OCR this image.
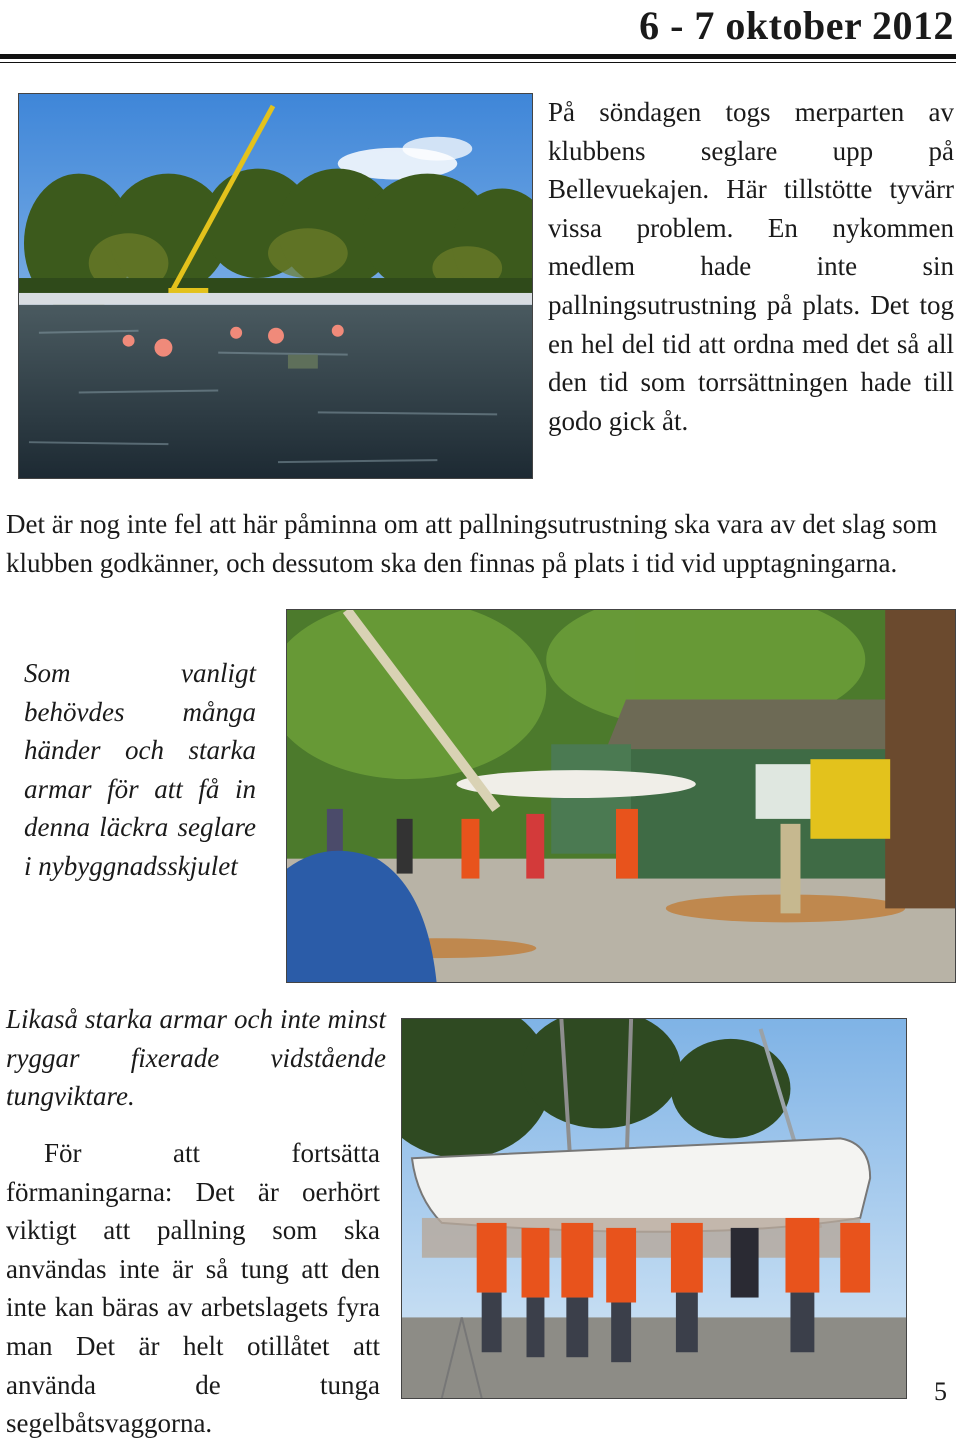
6 - 7 oktober 2012
På söndagen togs merparten av klubbens seglare upp på Bellevuekajen. Här tillstötte tyvärr vissa problem. En nykommen medlem hade inte sin pallningsutrustning på plats. Det tog en hel del tid att ordna med det så all den tid som torrsättningen hade till godo gick åt.
Det är nog inte fel att här påminna om att pallningsutrustning ska vara av det slag som klubben godkänner, och dessutom ska den finnas på plats i tid vid upptagningarna.
Som vanligt behövdes många händer och starka armar för att få in denna läckra seglare i nybyggnadsskjulet
Likaså starka armar och inte minst ryggar fixerade vidstående tungviktare.
För att fortsätta förmaningarna: Det är oerhört viktigt att pallning som ska användas inte är så tung att den inte kan bäras av arbetslagets fyra man Det är helt otillåtet att använda de tunga segelbåtsvaggorna.
5
